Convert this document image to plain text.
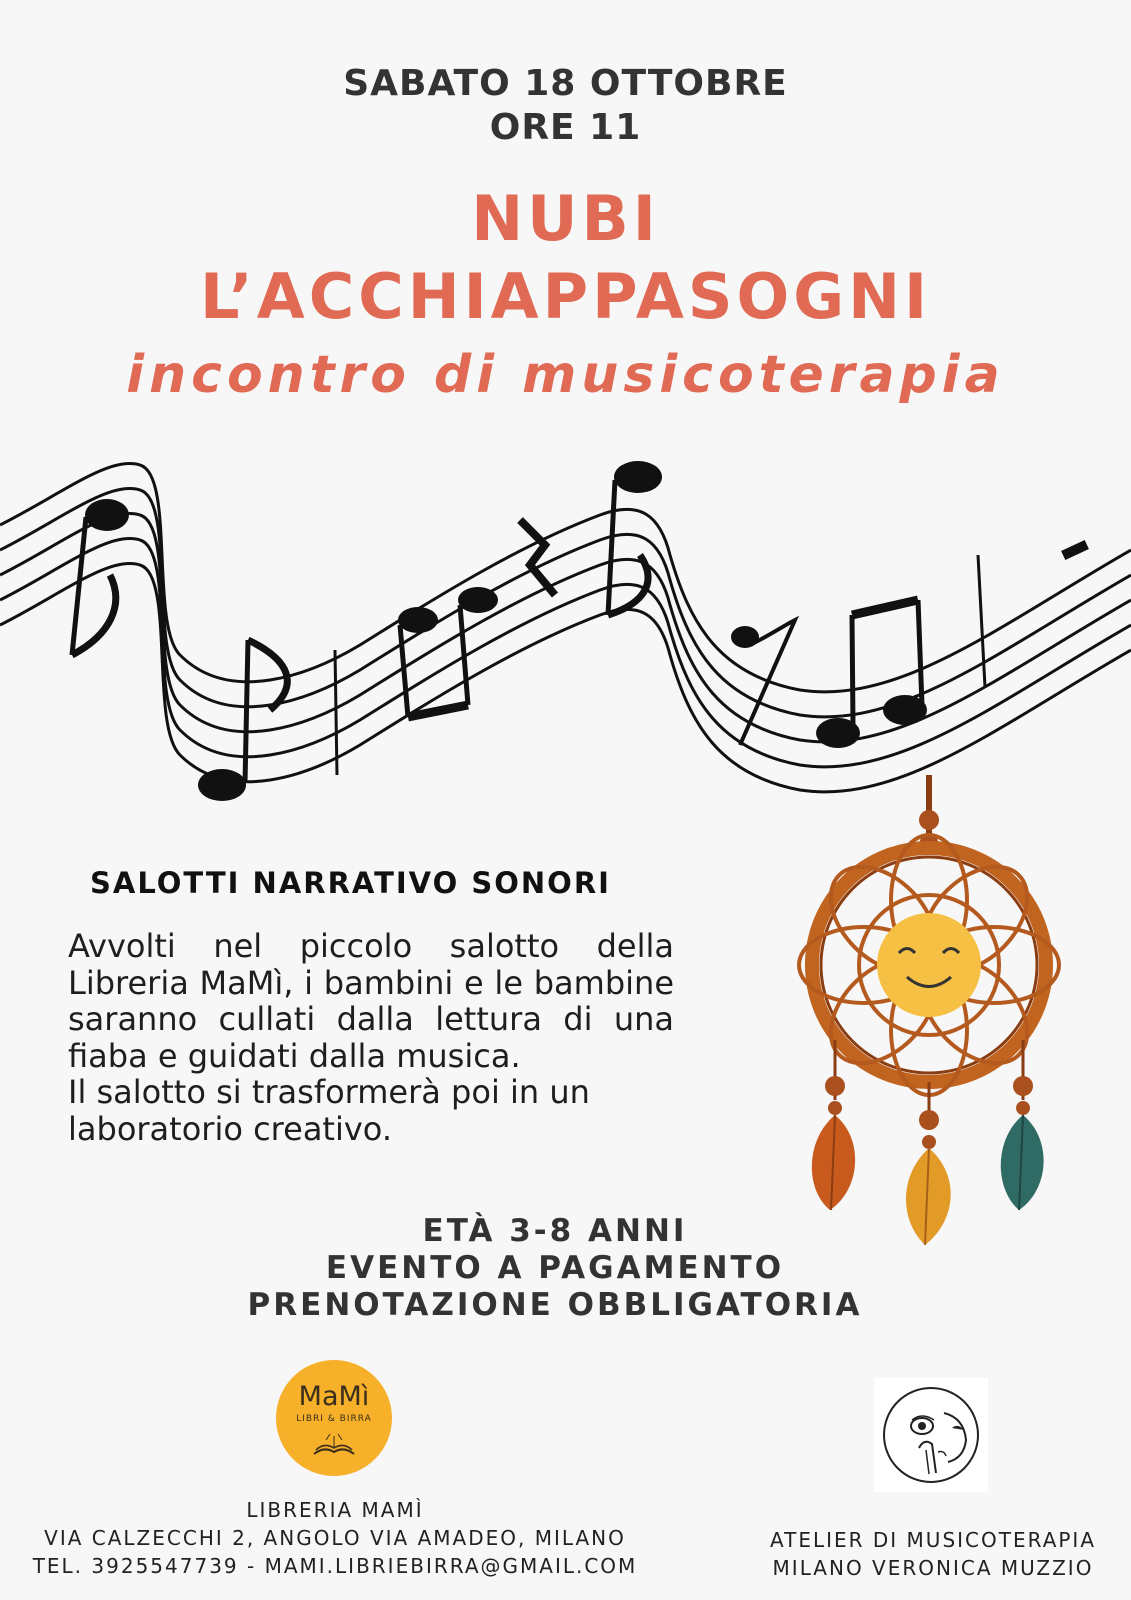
SABATO 18 OTTOBRE
ORE 11
NUBI
L’ACCHIAPPASOGNI
incontro di musicoterapia
SALOTTI NARRATIVO SONORI

Avvolti nel piccolo salotto della Libreria MaMì, i bambini e le bambine saranno cullati dalla lettura di una fiaba e guidati dalla musica.

Il salotto si trasformerà poi in un laboratorio creativo.

ETÀ 3-8 ANNI
EVENTO A PAGAMENTO
PRENOTAZIONE OBBLIGATORIA
MaMì
LIBRI & BIRRA
LIBRERIA MAMÌ
VIA CALZECCHI 2, ANGOLO VIA AMADEO, MILANO
TEL. 3925547739 - MAMI.LIBRIEBIRRA@GMAIL.COM
ATELIER DI MUSICOTERAPIA
MILANO VERONICA MUZZIO
